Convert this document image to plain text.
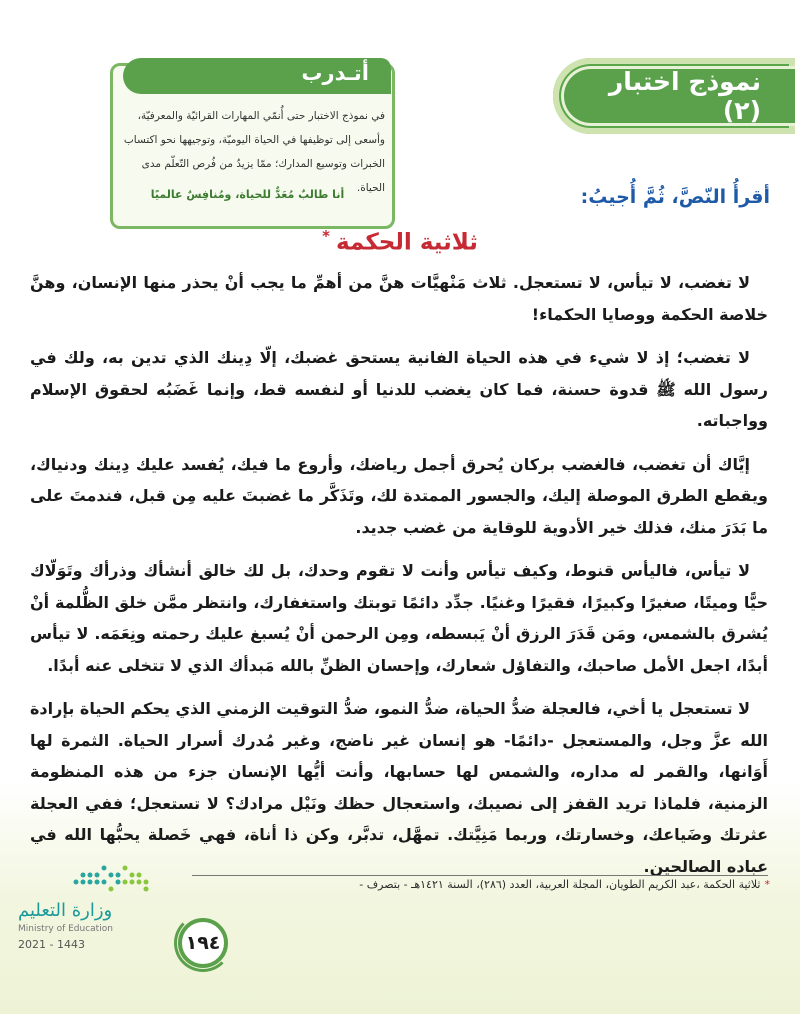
نموذج اختبار (٢)
أتـدرب
في نموذج الاختبار حتى أُنمّي المهارات القرائيّة والمعرفيّة، وأسعى إلى توظيفها في الحياة اليوميّة، وتوجيهها نحو اكتساب الخبرات وتوسيع المدارك؛ ممّا يزيدُ من فُرص التّعلّم مدى الحياة.
أنا طالبٌ مُعَدٌّ للحياة، ومُنافِسٌ عالميًا	أقرأُ النّصَّ، ثُمَّ أُجيبُ:
ثلاثية الحكمة*

لا تغضب، لا تيأس، لا تستعجل. ثلاث مَنْهيَّات هنَّ من أهمِّ ما يجب أنْ يحذر منها الإنسان، وهنَّ خلاصة الحكمة ووصايا الحكماء!

لا تغضب؛ إذ لا شيء في هذه الحياة الفانية يستحق غضبك، إلّا دِينك الذي تدين به، ولك في رسول الله ﷺ قدوة حسنة، فما كان يغضب للدنيا أو لنفسه قط، وإنما غَضَبُه لحقوق الإسلام وواجباته.

إيَّاك أن تغضب، فالغضب بركان يُحرق أجمل رياضك، وأروع ما فيك، يُفسد عليك دِينك ودنياك، ويقطع الطرق الموصلة إليك، والجسور الممتدة لك، وتَذَكَّر ما غضبتَ عليه مِن قبل، فندمتَ على ما بَدَرَ منك، فذلك خير الأدوية للوقاية من غضب جديد.

لا تيأس، فاليأس قنوط، وكيف تيأس وأنت لا تقوم وحدك، بل لك خالق أنشأك وذرأك وتَوَلّاك حيًّا وميتًا، صغيرًا وكبيرًا، فقيرًا وغنيًا. جدِّد دائمًا توبتك واستغفارك، وانتظر ممَّن خلق الظُّلمة أنْ يُشرق بالشمس، ومَن قَدَرَ الرزق أنْ يَبسطه، ومِن الرحمن أنْ يُسبغ عليك رحمته ونِعَمَه. لا تيأس أبدًا، اجعل الأمل صاحبك، والتفاؤل شعارك، وإحسان الظنِّ بالله مَبدأك الذي لا تتخلى عنه أبدًا.

لا تستعجل يا أخي، فالعجلة ضدُّ الحياة، ضدُّ النمو، ضدُّ التوقيت الزمني الذي يحكم الحياة بإرادة الله عزَّ وجل، والمستعجل -دائمًا- هو إنسان غير ناضج، وغير مُدرك أسرار الحياة. الثمرة لها أَوَانها، والقمر له مداره، والشمس لها حسابها، وأنت أيُّها الإنسان جزء من هذه المنظومة الزمنية، فلماذا تريد القفز إلى نصيبك، واستعجال حظك ونَيْل مرادك؟ لا تستعجل؛ ففي العجلة عثرتك وضَياعك، وخسارتك، وربما مَنِيَّتك. تمهَّل، تدبَّر، وكن ذا أناة، فهي خَصلة يحبُّها الله في عباده الصالحين.

*ثلاثية الحكمة ،عبد الكريم الطويان، المجلة العربية، العدد (٢٨٦)، السنة ١٤٢١هـ - بتصرف -
١٩٤
وزارة التعليم
Ministry of Education
2021 - 1443
